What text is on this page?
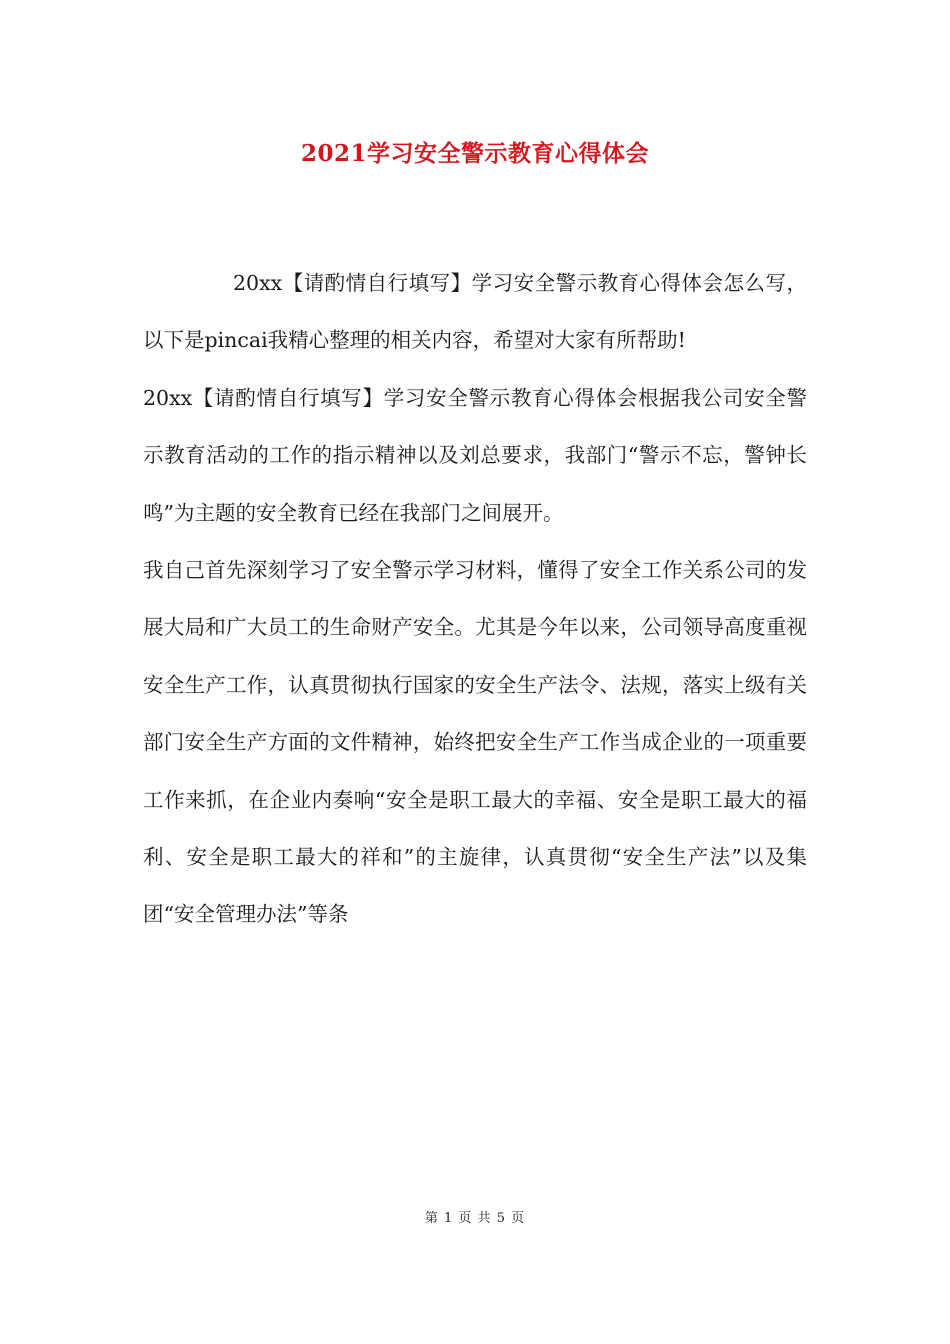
2021学习安全警示教育心得体会

20xx【请酌情自行填写】学习安全警示教育心得体会怎么写，以下是pincai我精心整理的相关内容，希望对大家有所帮助!

20xx【请酌情自行填写】学习安全警示教育心得体会根据我公司安全警示教育活动的工作的指示精神以及刘总要求，我部门“警示不忘，警钟长鸣”为主题的安全教育已经在我部门之间展开。

我自己首先深刻学习了安全警示学习材料，懂得了安全工作关系公司的发展大局和广大员工的生命财产安全。尤其是今年以来，公司领导高度重视安全生产工作，认真贯彻执行国家的安全生产法令、法规，落实上级有关部门安全生产方面的文件精神，始终把安全生产工作当成企业的一项重要工作来抓，在企业内奏响“安全是职工最大的幸福、安全是职工最大的福利、安全是职工最大的祥和”的主旋律，认真贯彻“安全生产法”以及集团“安全管理办法”等条

第 1 页 共 5 页
